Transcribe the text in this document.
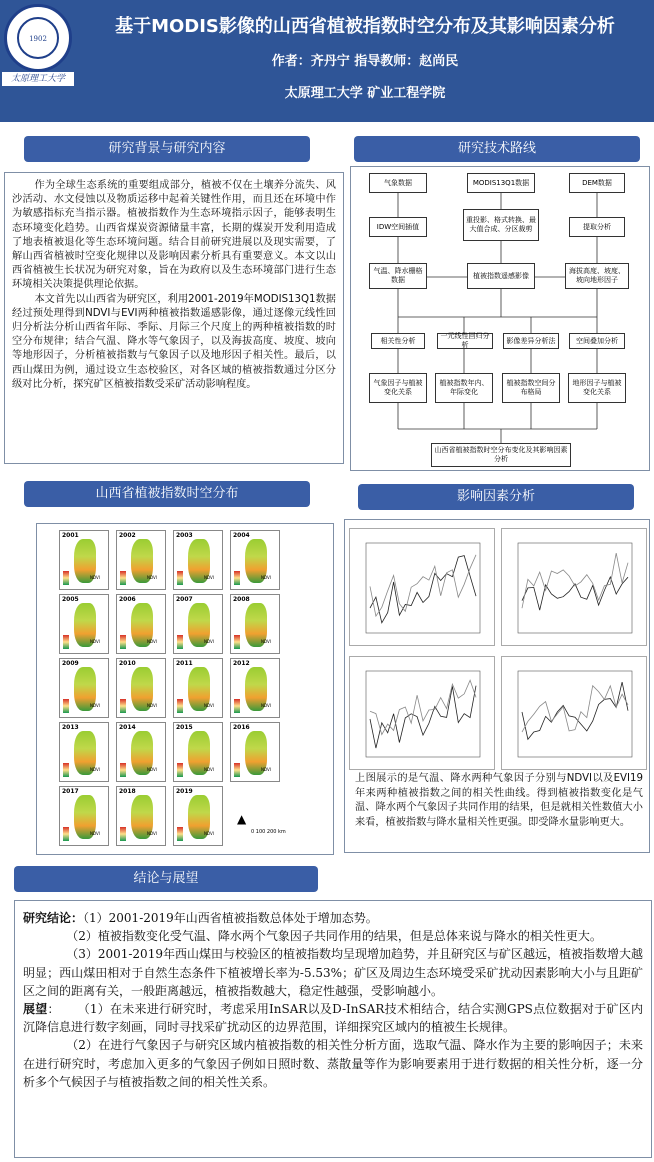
1902
太原理工大学
基于MODIS影像的山西省植被指数时空分布及其影响因素分析
作者：齐丹宁 指导教师：赵尚民
太原理工大学 矿业工程学院
研究背景与研究内容

作为全球生态系统的重要组成部分，植被不仅在土壤养分流失、风沙活动、水文侵蚀以及物质运移中起着关键性作用，而且还在环境中作为敏感指标充当指示器。植被指数作为生态环境指示因子，能够表明生态环境变化趋势。山西省煤炭资源储量丰富，长期的煤炭开发利用造成了地表植被退化等生态环境问题。结合目前研究进展以及现实需要，了解山西省植被时空变化规律以及影响因素分析具有重要意义。本文以山西省植被生长状况为研究对象，旨在为政府以及生态环境部门进行生态环境相关决策提供理论依据。

本文首先以山西省为研究区，利用2001-2019年MODIS13Q1数据经过预处理得到NDVI与EVI两种植被指数遥感影像，通过逐像元线性回归分析法分析山西省年际、季际、月际三个尺度上的两种植被指数的时空分布规律；结合气温、降水等气象因子，以及海拔高度、坡度、坡向等地形因子，分析植被指数与气象因子以及地形因子相关性。最后，以西山煤田为例，通过设立生态校验区，对各区域的植被指数通过分区分级对比分析，探究矿区植被指数受采矿活动影响程度。

研究技术路线
气象数据	MODIS13Q1数据	DEM数据
IDW空间插值
重投影、格式转换、最大值合成、分区裁剪	提取分析
气温、降水栅格数据
植被指数遥感影像
海拔高度、坡度、坡向地形因子
相关性分析
一元线性回归分析
影像差异分析法	空间叠加分析
气象因子与植被变化关系
植被指数年内、年际变化
植被指数空间分布格局
地形因子与植被变化关系
山西省植被指数时空分布变化及其影响因素分析
山西省植被指数时空分布
2001
NDVI
2002
NDVI
2003
NDVI
2004
NDVI
2005
NDVI
2006
NDVI
2007
NDVI
2008
NDVI
2009
NDVI
2010
NDVI
2011
NDVI
2012
NDVI
2013
NDVI
2014
NDVI
2015
NDVI
2016
NDVI
2017
NDVI
2018
NDVI
2019
NDVI
▲
0 100 200 km
影响因素分析
上图展示的是气温、降水两种气象因子分别与NDVI以及EVI19年来两种植被指数之间的相关性曲线。得到植被指数变化是气温、降水两个气象因子共同作用的结果，但是就相关性数值大小来看，植被指数与降水量相关性更强。即受降水量影响更大。
结论与展望

研究结论：（1）2001-2019年山西省植被指数总体处于增加态势。

（2）植被指数变化受气温、降水两个气象因子共同作用的结果，但是总体来说与降水的相关性更大。

（3）2001-2019年西山煤田与校验区的植被指数均呈现增加趋势，并且研究区与矿区越远，植被指数增大越明显；西山煤田相对于自然生态条件下植被增长率为-5.53%；矿区及周边生态环境受采矿扰动因素影响大小与且距矿区之间的距离有关，一般距离越远，植被指数越大，稳定性越强，受影响越小。

展望： （1）在未来进行研究时，考虑采用InSAR以及D-InSAR技术相结合，结合实测GPS点位数据对于矿区内沉降信息进行数字刻画，同时寻找采矿扰动区的边界范围，详细探究区域内的植被生长规律。

（2）在进行气象因子与研究区域内植被指数的相关性分析方面，选取气温、降水作为主要的影响因子；未来在进行研究时，考虑加入更多的气象因子例如日照时数、蒸散量等作为影响要素用于进行数据的相关性分析，逐一分析多个气候因子与植被指数之间的相关性关系。
